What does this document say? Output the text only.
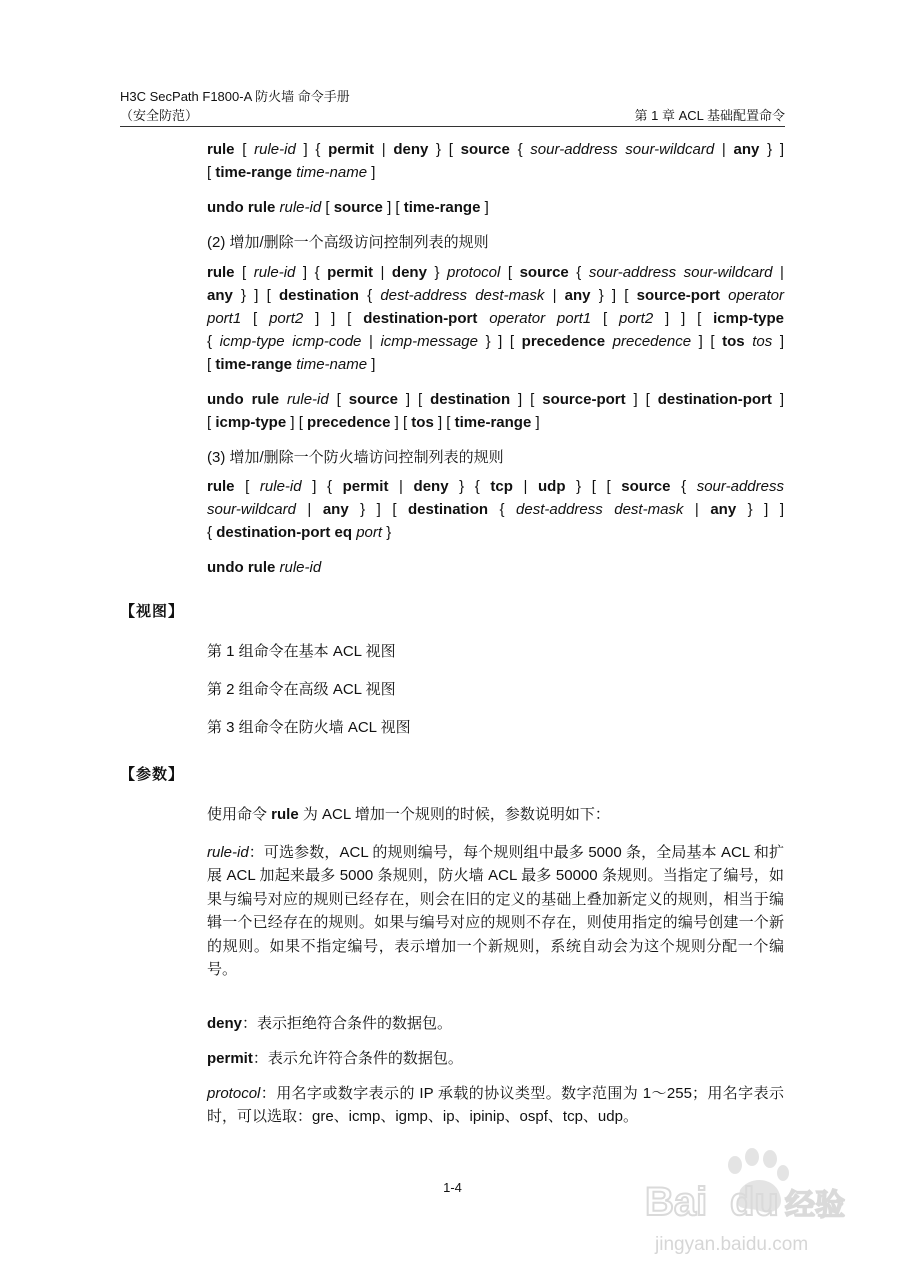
H3C SecPath F1800-A 防火墙 命令手册
（安全防范）	第 1 章 ACL 基础配置命令
rule [ rule-id ] { permit | deny } [ source { sour-address sour-wildcard | any } ]
[ time-range time-name ]
undo rule rule-id [ source ] [ time-range ]
(2) 增加/删除一个高级访问控制列表的规则
rule [ rule-id ] { permit | deny } protocol [ source { sour-address sour-wildcard |
any } ] [ destination { dest-address dest-mask | any } ] [ source-port operator
port1 [ port2 ] ] [ destination-port operator port1 [ port2 ] ] [ icmp-type
{ icmp-type icmp-code | icmp-message } ] [ precedence precedence ] [ tos tos ]
[ time-range time-name ]
undo rule rule-id [ source ] [ destination ] [ source-port ] [ destination-port ]
[ icmp-type ] [ precedence ] [ tos ] [ time-range ]
(3) 增加/删除一个防火墙访问控制列表的规则
rule [ rule-id ] { permit | deny } { tcp | udp } [ [ source { sour-address
sour-wildcard | any } ] [ destination { dest-address dest-mask | any } ] ]
{ destination-port eq port }
undo rule rule-id
【视图】
第 1 组命令在基本 ACL 视图
第 2 组命令在高级 ACL 视图
第 3 组命令在防火墙 ACL 视图
【参数】
使用命令 rule 为 ACL 增加一个规则的时候，参数说明如下：
rule-id：可选参数，ACL 的规则编号，每个规则组中最多 5000 条，全局基本 ACL 和扩展 ACL 加起来最多 5000 条规则，防火墙 ACL 最多 50000 条规则。当指定了编号，如果与编号对应的规则已经存在，则会在旧的定义的基础上叠加新定义的规则，相当于编辑一个已经存在的规则。如果与编号对应的规则不存在，则使用指定的编号创建一个新的规则。如果不指定编号，表示增加一个新规则，系统自动会为这个规则分配一个编号。
deny：表示拒绝符合条件的数据包。
permit：表示允许符合条件的数据包。
protocol：用名字或数字表示的 IP 承载的协议类型。数字范围为 1～255；用名字表示时，可以选取：gre、icmp、igmp、ip、ipinip、ospf、tcp、udp。
1-4	Bai du 经验
jingyan.baidu.com
